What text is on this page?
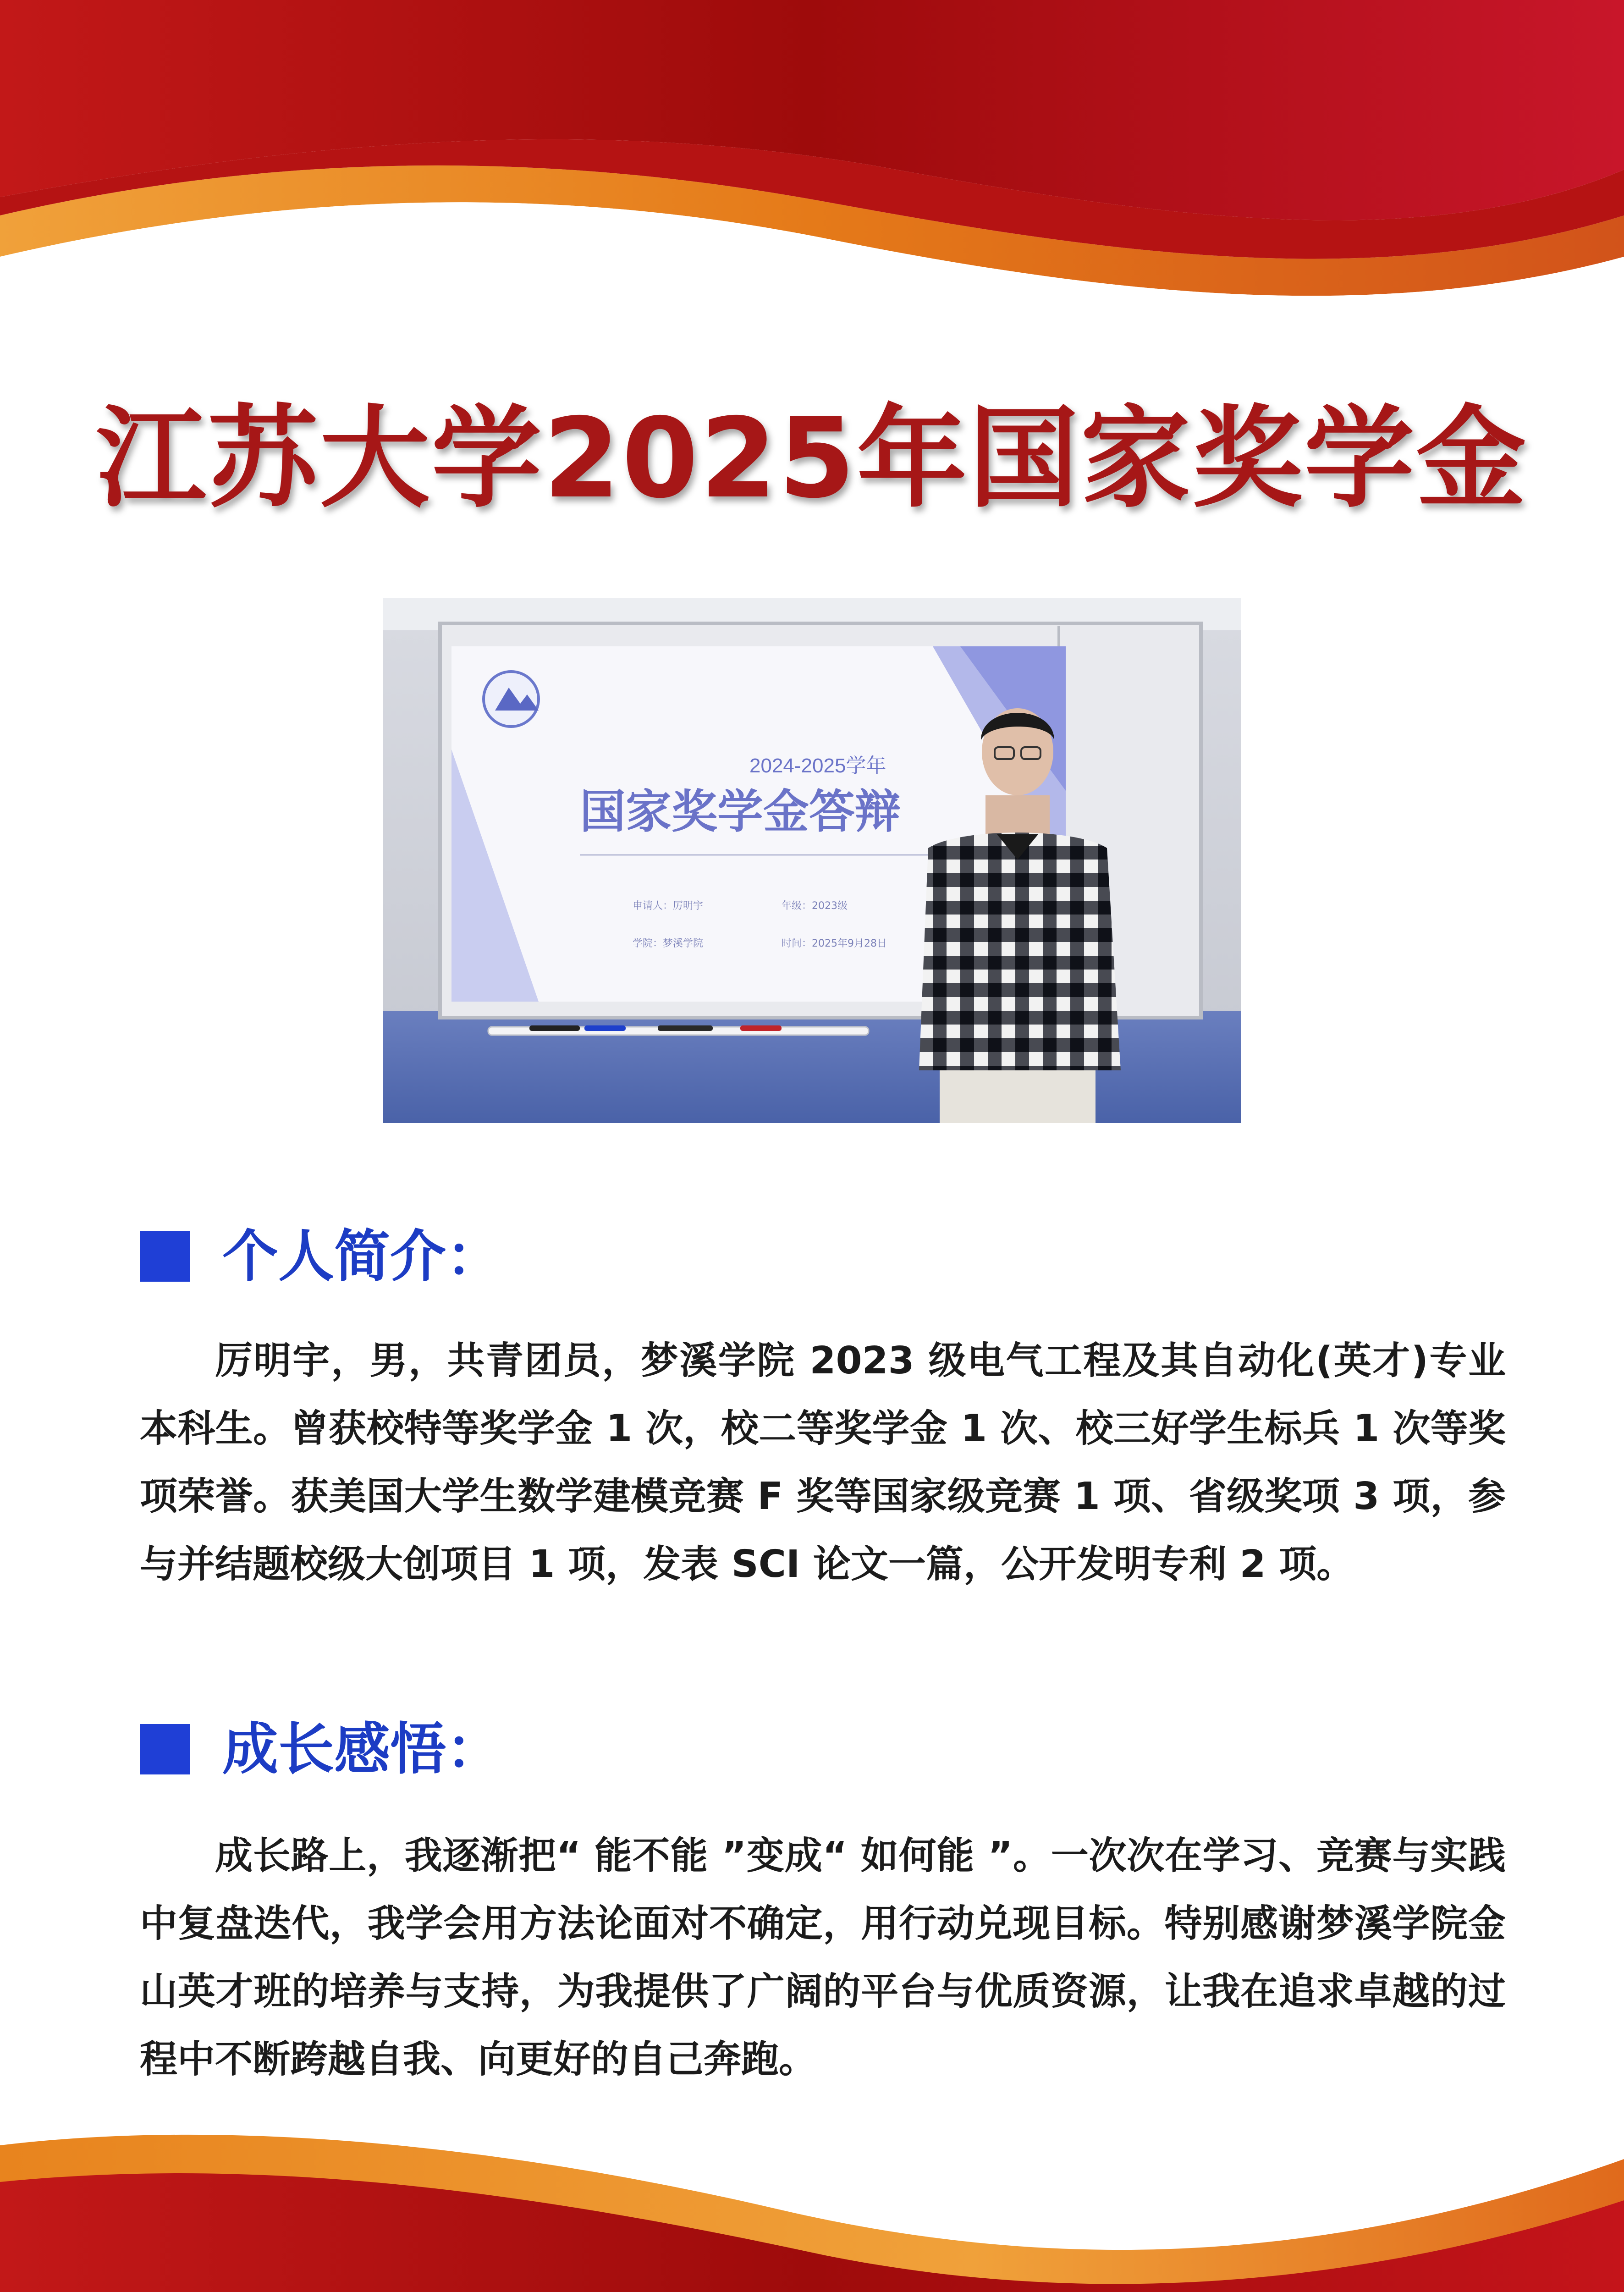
江苏大学2025年国家奖学金
2024-2025学年
国家奖学金答辩
申请人：厉明宇	年级：2023级
学院：梦溪学院	时间：2025年9月28日
个人简介：

厉明宇，男，共青团员，梦溪学院 2023 级电气工程及其自动化(英才)专业本科生。曾获校特等奖学金 1 次，校二等奖学金 1 次、校三好学生标兵 1 次等奖项荣誉。获美国大学生数学建模竞赛 F 奖等国家级竞赛 1 项、省级奖项 3 项，参与并结题校级大创项目 1 项，发表 SCI 论文一篇，公开发明专利 2 项。

成长感悟：

成长路上，我逐渐把“ 能不能 ”变成“ 如何能 ”。一次次在学习、竞赛与实践中复盘迭代，我学会用方法论面对不确定，用行动兑现目标。特别感谢梦溪学院金山英才班的培养与支持，为我提供了广阔的平台与优质资源，让我在追求卓越的过程中不断跨越自我、向更好的自己奔跑。
